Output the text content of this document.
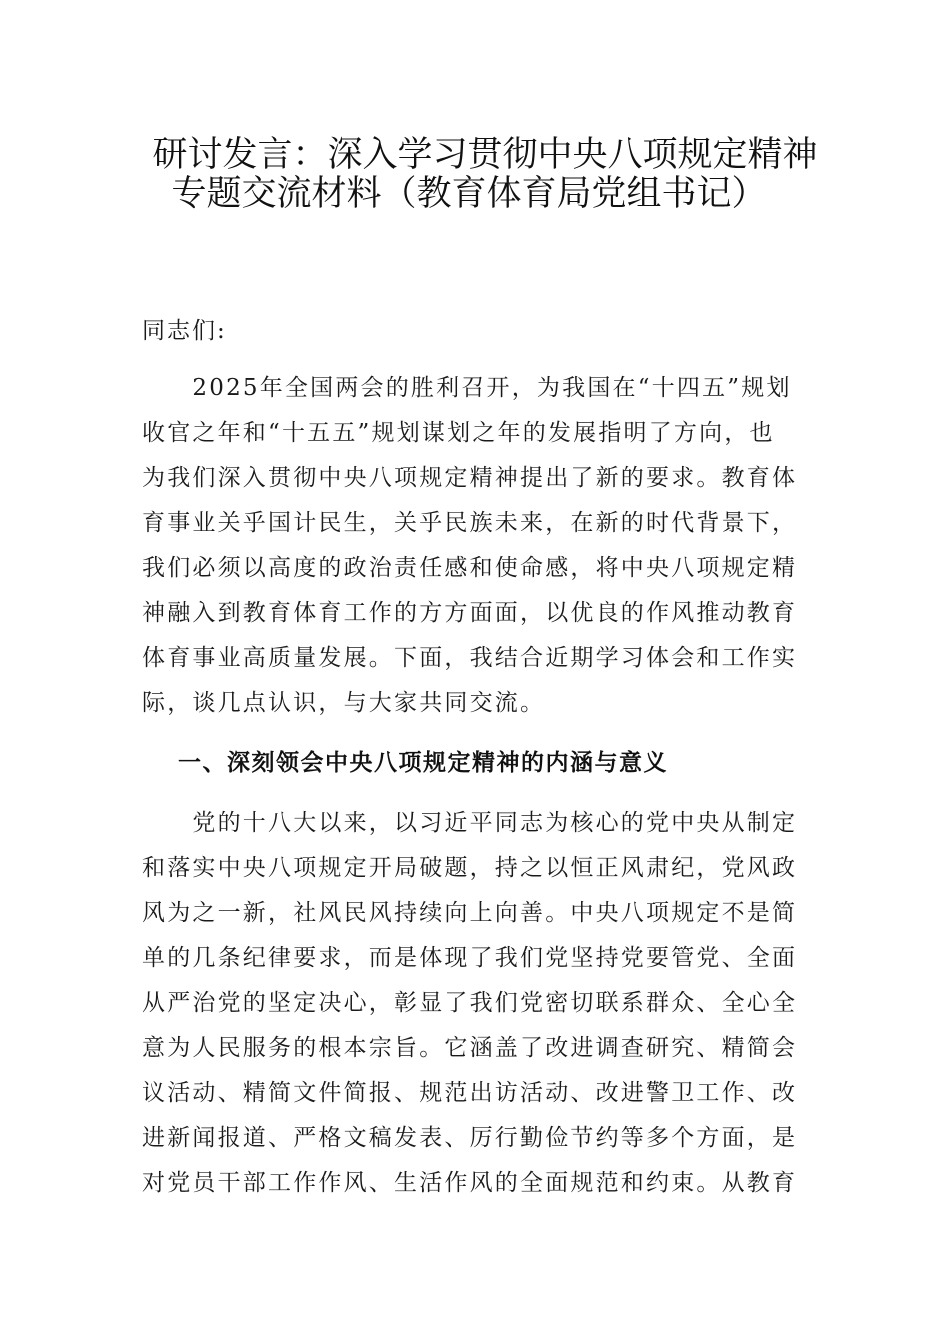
研讨发言：深入学习贯彻中央八项规定精神
专题交流材料（教育体育局党组书记）
同志们:
　　2025年全国两会的胜利召开，为我国在“十四五”规划
收官之年和“十五五”规划谋划之年的发展指明了方向，也
为我们深入贯彻中央八项规定精神提出了新的要求。教育体
育事业关乎国计民生，关乎民族未来，在新的时代背景下，
我们必须以高度的政治责任感和使命感，将中央八项规定精
神融入到教育体育工作的方方面面，以优良的作风推动教育
体育事业高质量发展。下面，我结合近期学习体会和工作实
际，谈几点认识，与大家共同交流。
一、深刻领会中央八项规定精神的内涵与意义
　　党的十八大以来，以习近平同志为核心的党中央从制定
和落实中央八项规定开局破题，持之以恒正风肃纪，党风政
风为之一新，社风民风持续向上向善。中央八项规定不是简
单的几条纪律要求，而是体现了我们党坚持党要管党、全面
从严治党的坚定决心，彰显了我们党密切联系群众、全心全
意为人民服务的根本宗旨。它涵盖了改进调查研究、精简会
议活动、精简文件简报、规范出访活动、改进警卫工作、改
进新闻报道、严格文稿发表、厉行勤俭节约等多个方面，是
对党员干部工作作风、生活作风的全面规范和约束。从教育
